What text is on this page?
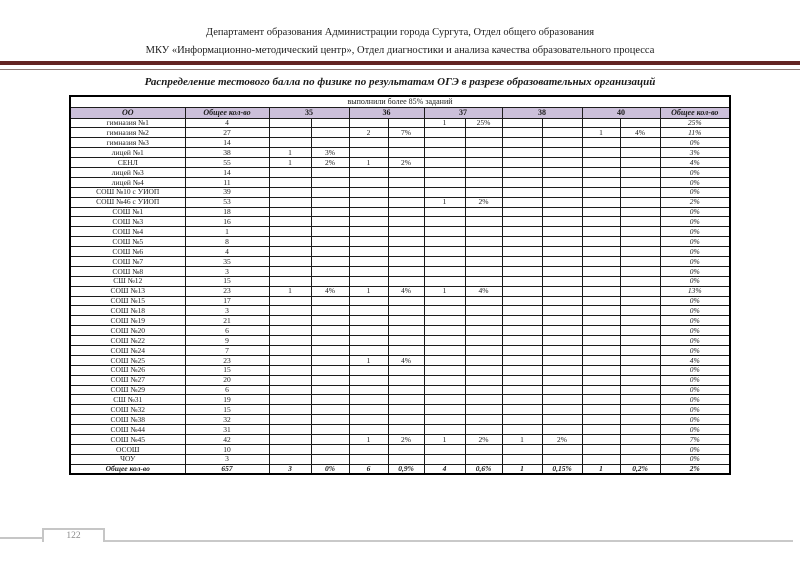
Департамент образования Администрации города Сургута, Отдел общего образования
МКУ «Информационно-методический центр», Отдел диагностики и анализа качества образовательного процесса
Распределение тестового балла по физике по результатам ОГЭ в разрезе образовательных организаций
выполнили более 85% заданий												
ОО	Общее кол-во	35		36		37		38		40		Общее кол-во
гимназия №1	4					1	25%					25%
гимназия №2	27			2	7%					1	4%	11%
гимназия №3	14											0%
лицей №1	38	1	3%									3%
СЕНЛ	55	1	2%	1	2%							4%
лицей №3	14											0%
лицей №4	11											0%
СОШ №10 с УИОП	39											0%
СОШ №46 с УИОП	53					1	2%					2%
СОШ №1	18											0%
СОШ №3	16											0%
СОШ №4	1											0%
СОШ №5	8											0%
СОШ №6	4											0%
СОШ №7	35											0%
СОШ №8	3											0%
СШ №12	15											0%
СОШ №13	23	1	4%	1	4%	1	4%					13%
СОШ №15	17											0%
СОШ №18	3											0%
СОШ №19	21											0%
СОШ №20	6											0%
СОШ №22	9											0%
СОШ №24	7											0%
СОШ №25	23			1	4%							4%
СОШ №26	15											0%
СОШ №27	20											0%
СОШ №29	6											0%
СШ №31	19											0%
СОШ №32	15											0%
СОШ №38	32											0%
СОШ №44	31											0%
СОШ №45	42			1	2%	1	2%	1	2%			7%
ОСОШ	10											0%
ЧОУ	3											0%
Общее кол-во	657	3	0%	6	0,9%	4	0,6%	1	0,15%	1	0,2%	2%
122
